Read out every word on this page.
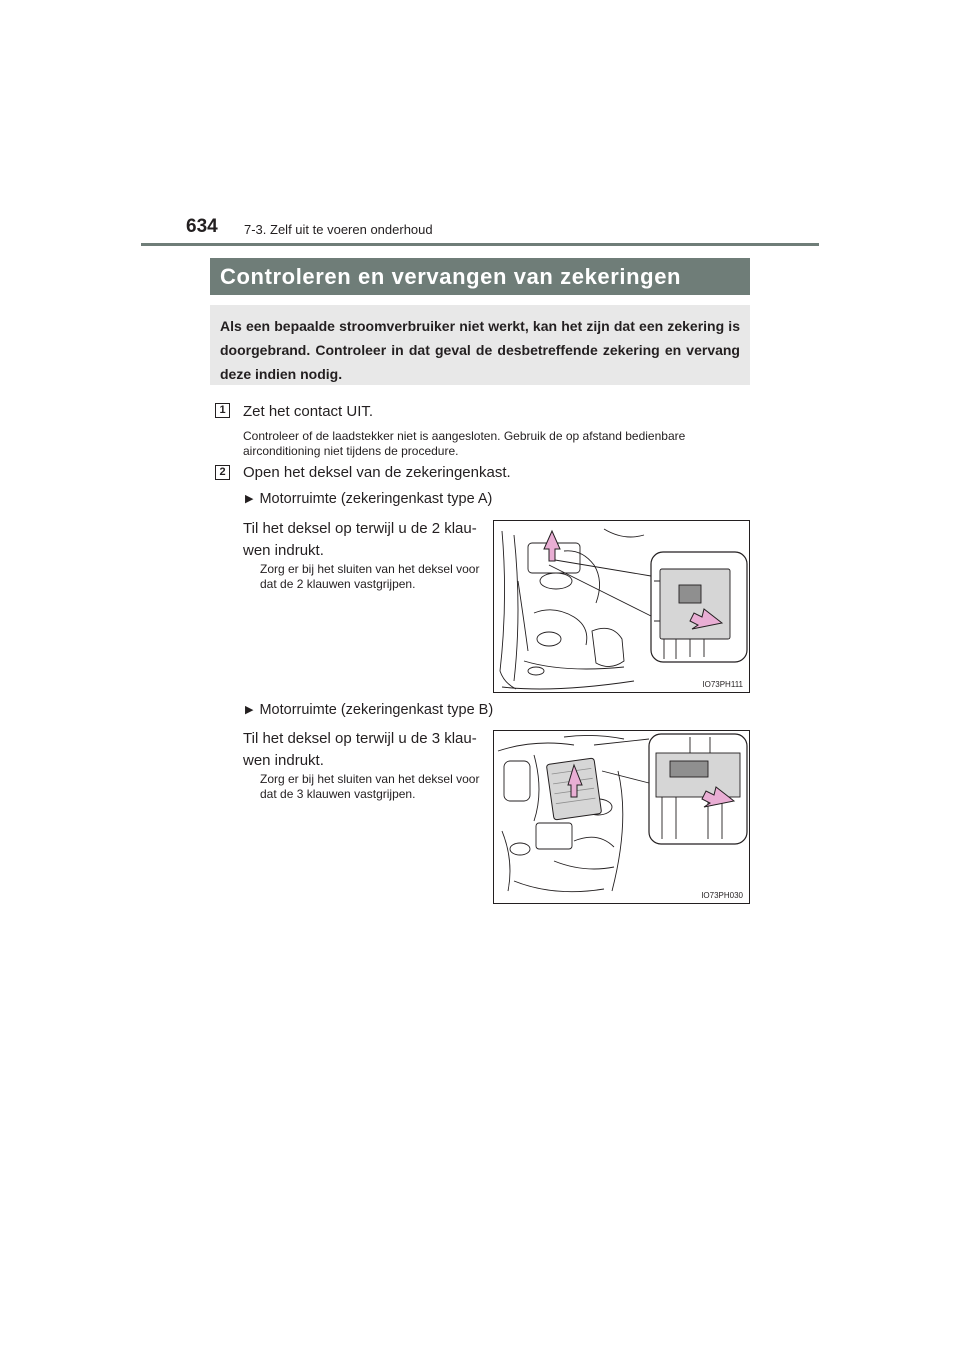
634 7-3. Zelf uit te voeren onderhoud
Controleren en vervangen van zekeringen
Als een bepaalde stroomverbruiker niet werkt, kan het zijn dat een zekering is doorgebrand. Controleer in dat geval de desbetreffende zekering en vervang deze indien nodig.
1 Zet het contact UIT.
Controleer of de laadstekker niet is aangesloten. Gebruik de op afstand bedienbare airconditioning niet tijdens de procedure.
2 Open het deksel van de zekeringenkast.
▶ Motorruimte (zekeringenkast type A)
Til het deksel op terwijl u de 2 klau-wen indrukt.
Zorg er bij het sluiten van het deksel voor dat de 2 klauwen vastgrijpen.
IO73PH111
▶ Motorruimte (zekeringenkast type B)
Til het deksel op terwijl u de 3 klau-wen indrukt.
Zorg er bij het sluiten van het deksel voor dat de 3 klauwen vastgrijpen.
IO73PH030
